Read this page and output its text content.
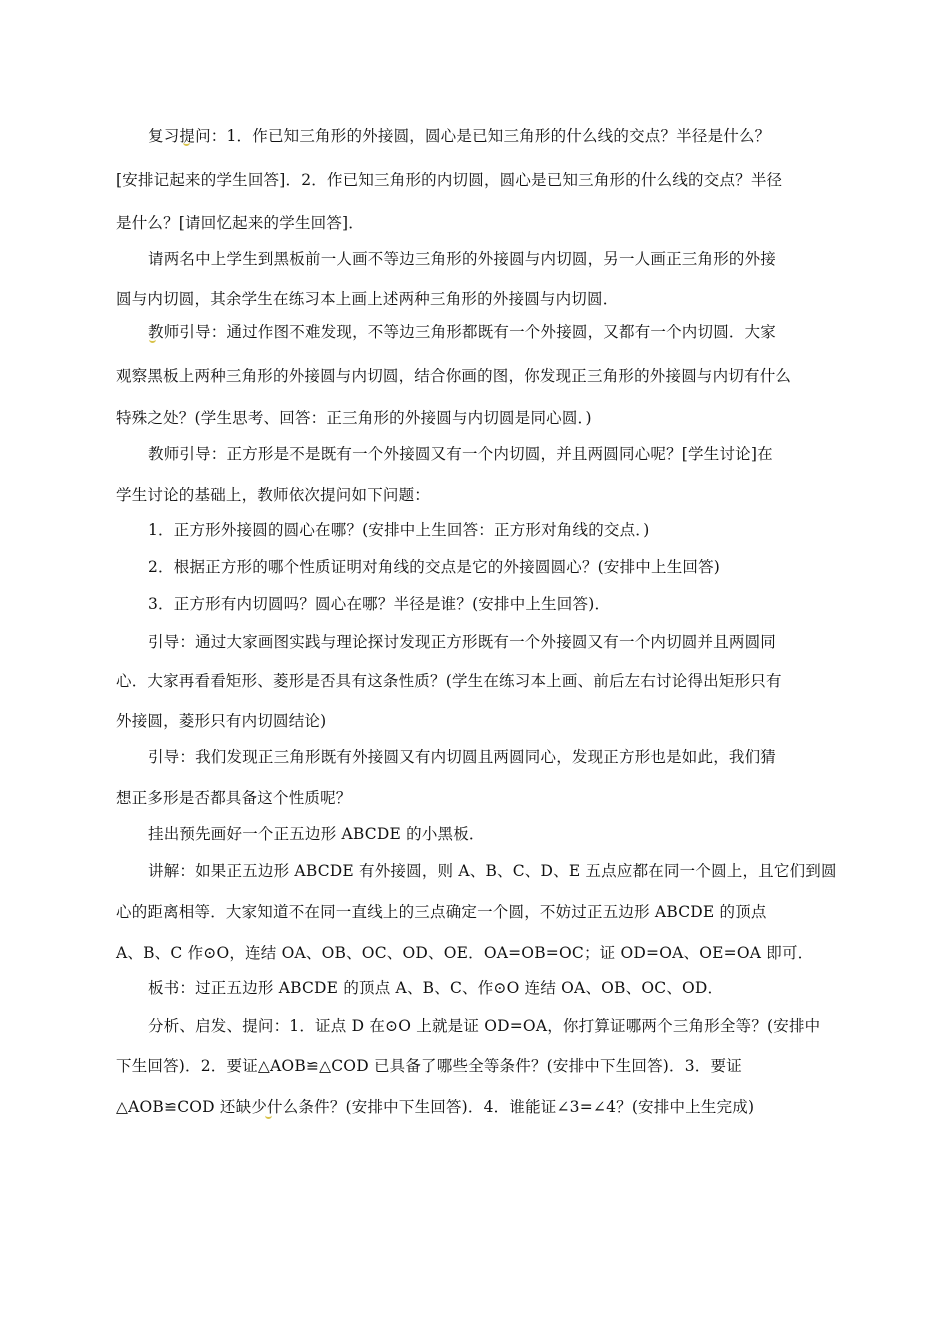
复习提问：1．作已知三角形的外接圆，圆心是已知三角形的什么线的交点？半径是什么？
[安排记起来的学生回答]．2．作已知三角形的内切圆，圆心是已知三角形的什么线的交点？半径
是什么？[请回忆起来的学生回答]．
请两名中上学生到黑板前一人画不等边三角形的外接圆与内切圆，另一人画正三角形的外接
圆与内切圆，其余学生在练习本上画上述两种三角形的外接圆与内切圆．
教师引导：通过作图不难发现，不等边三角形都既有一个外接圆，又都有一个内切圆．大家
观察黑板上两种三角形的外接圆与内切圆，结合你画的图，你发现正三角形的外接圆与内切有什么
特殊之处？(学生思考、回答：正三角形的外接圆与内切圆是同心圆．)
教师引导：正方形是不是既有一个外接圆又有一个内切圆，并且两圆同心呢？[学生讨论]在
学生讨论的基础上，教师依次提问如下问题：
1．正方形外接圆的圆心在哪？(安排中上生回答：正方形对角线的交点．)
2．根据正方形的哪个性质证明对角线的交点是它的外接圆圆心？(安排中上生回答)
3．正方形有内切圆吗？圆心在哪？半径是谁？(安排中上生回答)．
引导：通过大家画图实践与理论探讨发现正方形既有一个外接圆又有一个内切圆并且两圆同
心．大家再看看矩形、菱形是否具有这条性质？(学生在练习本上画、前后左右讨论得出矩形只有
外接圆，菱形只有内切圆结论)
引导：我们发现正三角形既有外接圆又有内切圆且两圆同心，发现正方形也是如此，我们猜
想正多形是否都具备这个性质呢？
挂出预先画好一个正五边形 ABCDE 的小黑板．
讲解：如果正五边形 ABCDE 有外接圆，则 A、B、C、D、E 五点应都在同一个圆上，且它们到圆
心的距离相等．大家知道不在同一直线上的三点确定一个圆，不妨过正五边形 ABCDE 的顶点
A、B、C 作⊙O，连结 OA、OB、OC、OD、OE．OA=OB=OC；证 OD=OA、OE=OA 即可．
板书：过正五边形 ABCDE 的顶点 A、B、C、作⊙O 连结 OA、OB、OC、OD．
分析、启发、提问：1．证点 D 在⊙O 上就是证 OD=OA，你打算证哪两个三角形全等？(安排中
下生回答)．2．要证△AOB≌△COD 已具备了哪些全等条件？(安排中下生回答)．3．要证
△AOB≌COD 还缺少什么条件？(安排中下生回答)．4．谁能证∠3=∠4？(安排中上生完成)
